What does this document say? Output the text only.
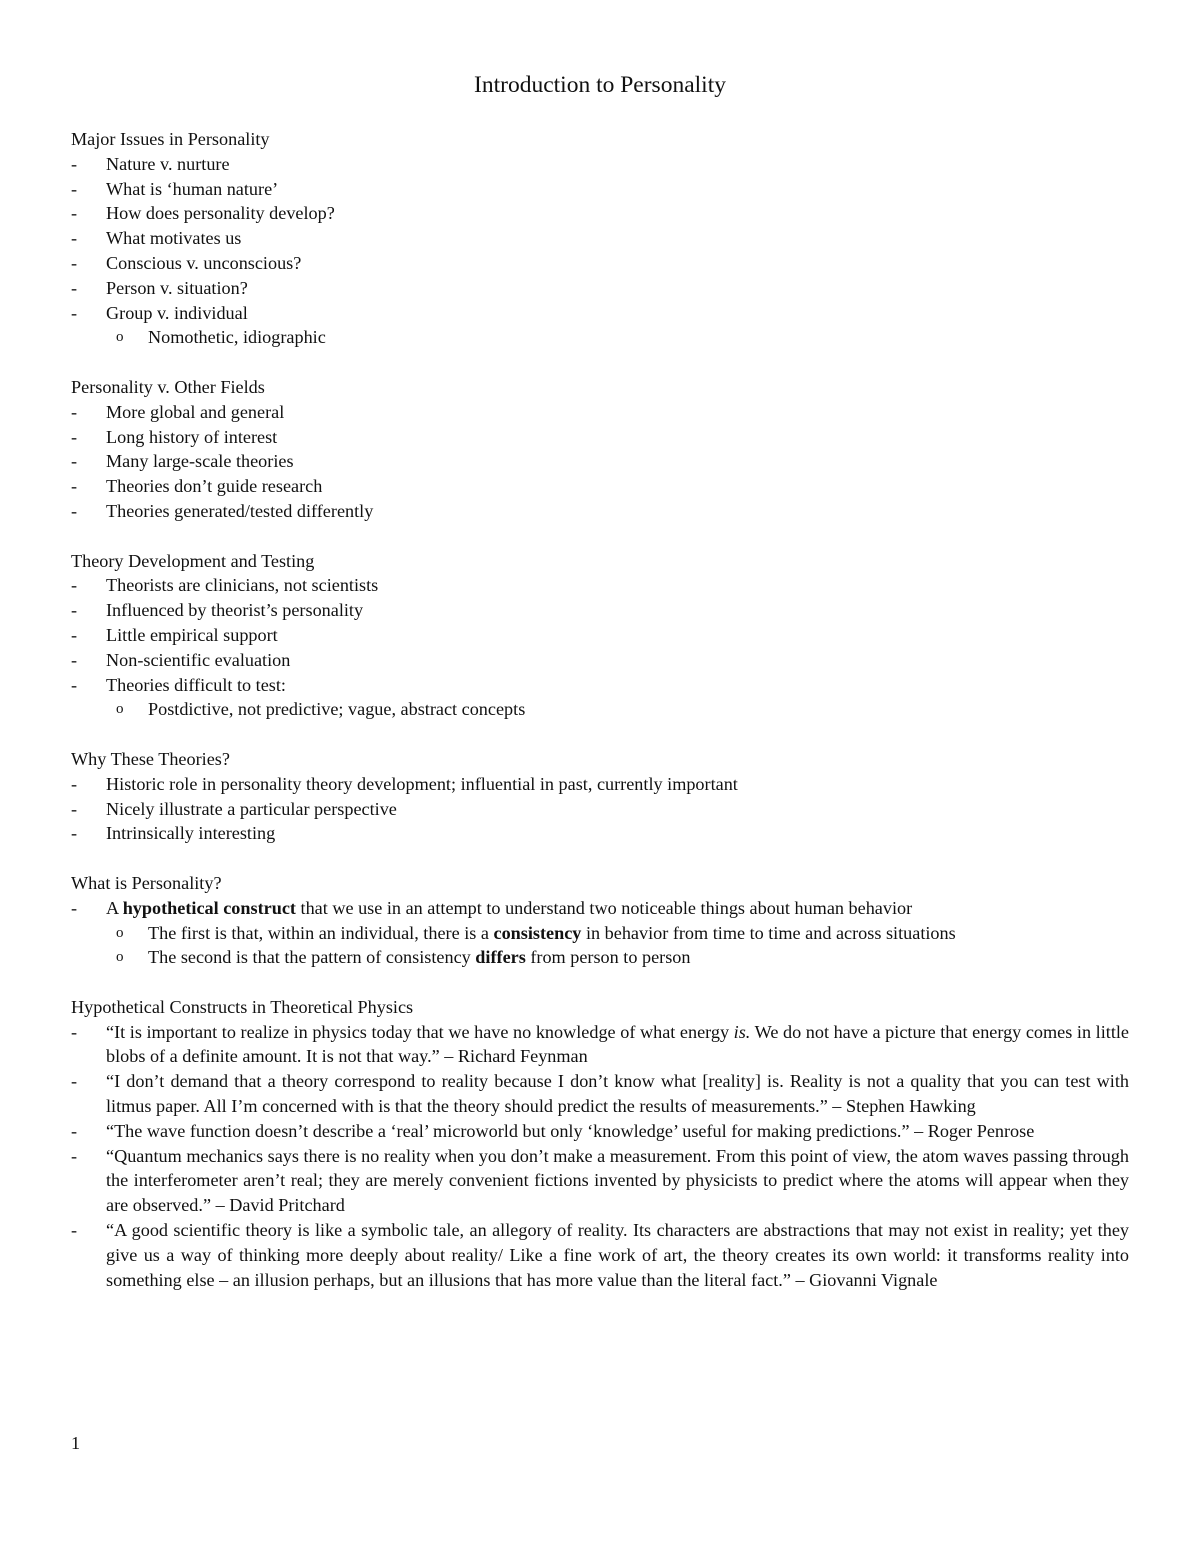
Introduction to Personality
Major Issues in Personality
- Nature v. nurture
- What is ‘human nature’
- How does personality develop?
- What motivates us
- Conscious v. unconscious?
- Person v. situation?
- Group v. individual
o Nomothetic, idiographic
Personality v. Other Fields
- More global and general
- Long history of interest
- Many large-scale theories
- Theories don’t guide research
- Theories generated/tested differently
Theory Development and Testing
- Theorists are clinicians, not scientists
- Influenced by theorist’s personality
- Little empirical support
- Non-scientific evaluation
- Theories difficult to test:
o Postdictive, not predictive; vague, abstract concepts
Why These Theories?
- Historic role in personality theory development; influential in past, currently important
- Nicely illustrate a particular perspective
- Intrinsically interesting
What is Personality?
- A hypothetical construct that we use in an attempt to understand two noticeable things about human behavior
o The first is that, within an individual, there is a consistency in behavior from time to time and across situations
o The second is that the pattern of consistency differs from person to person
Hypothetical Constructs in Theoretical Physics
- “It is important to realize in physics today that we have no knowledge of what energy is. We do not have a picture that energy comes in little blobs of a definite amount. It is not that way.” – Richard Feynman
- “I don’t demand that a theory correspond to reality because I don’t know what [reality] is. Reality is not a quality that you can test with litmus paper. All I’m concerned with is that the theory should predict the results of measurements.” – Stephen Hawking
- “The wave function doesn’t describe a ‘real’ microworld but only ‘knowledge’ useful for making predictions.” – Roger Penrose
- “Quantum mechanics says there is no reality when you don’t make a measurement. From this point of view, the atom waves passing through the interferometer aren’t real; they are merely convenient fictions invented by physicists to predict where the atoms will appear when they are observed.” – David Pritchard
- “A good scientific theory is like a symbolic tale, an allegory of reality. Its characters are abstractions that may not exist in reality; yet they give us a way of thinking more deeply about reality/ Like a fine work of art, the theory creates its own world: it transforms reality into something else – an illusion perhaps, but an illusions that has more value than the literal fact.” – Giovanni Vignale
1
